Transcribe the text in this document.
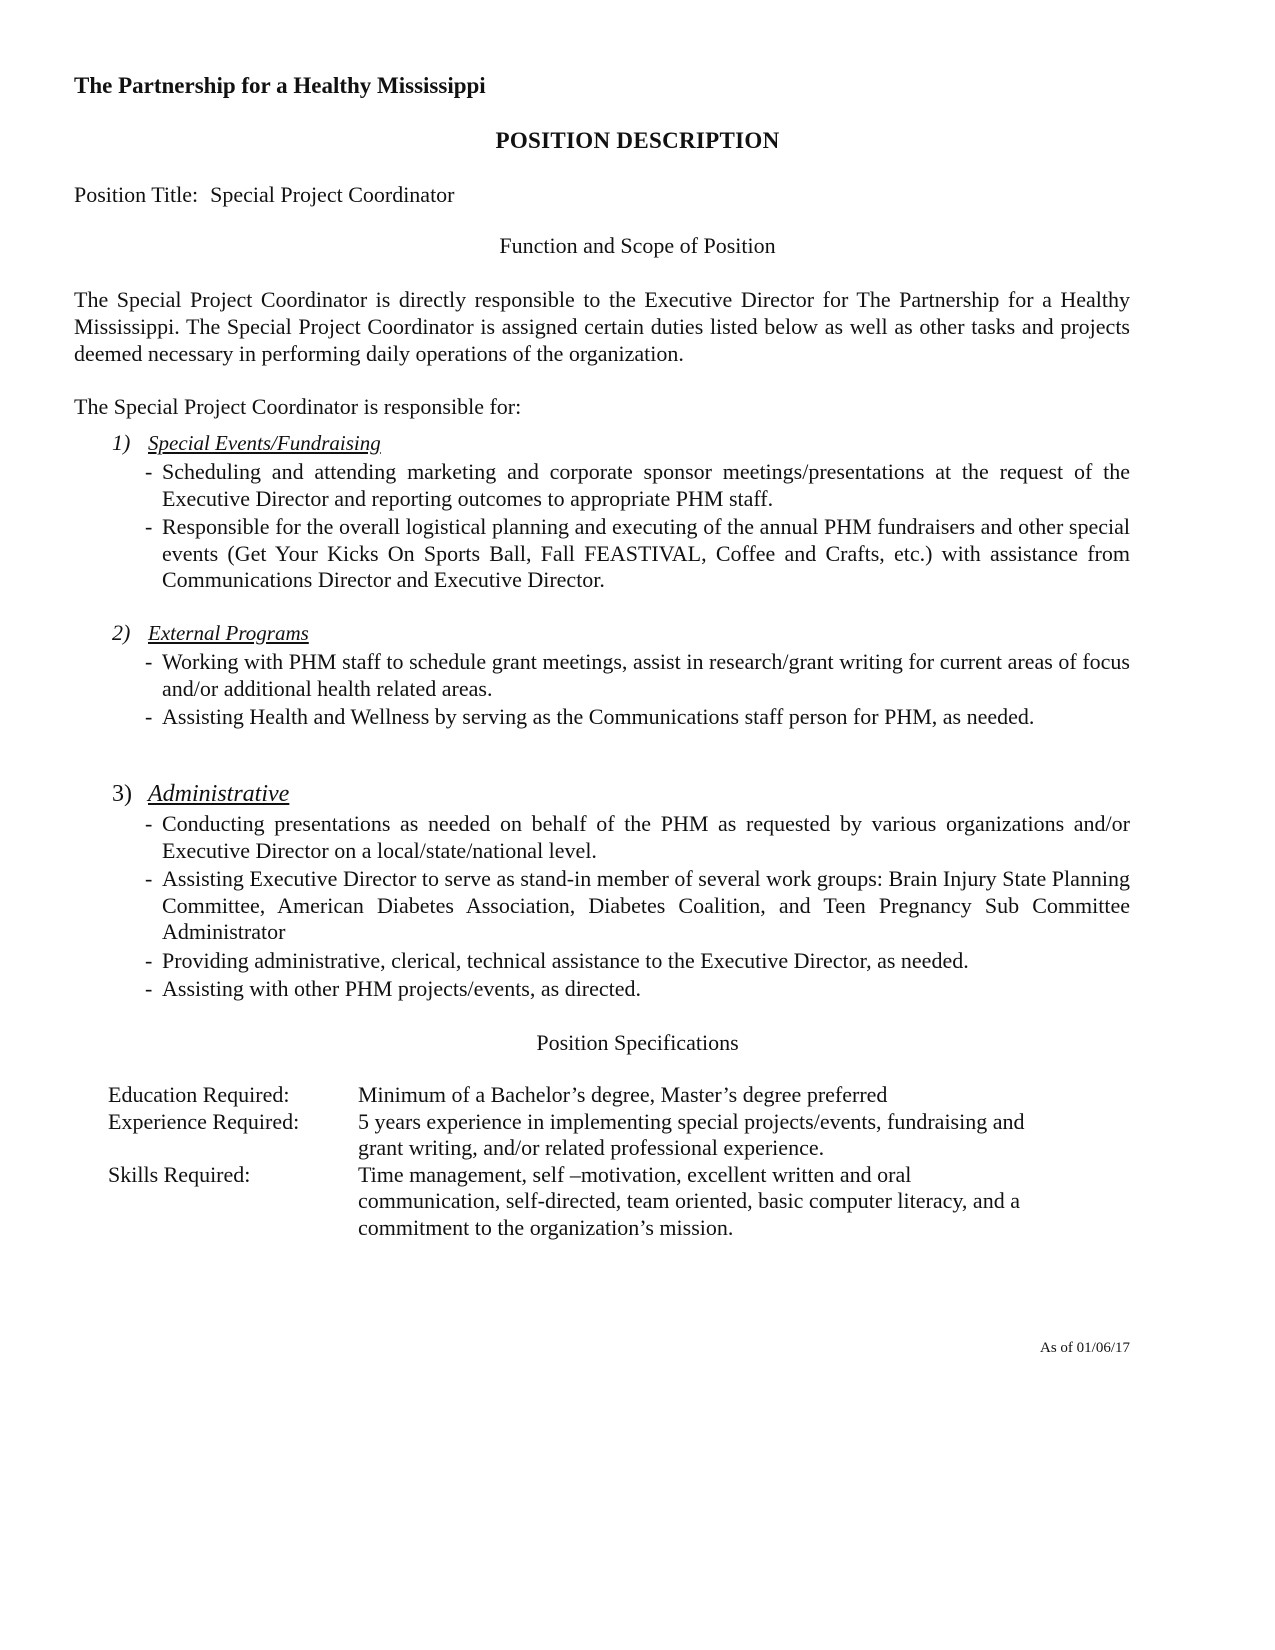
The Partnership for a Healthy Mississippi
POSITION DESCRIPTION
Position Title: Special Project Coordinator
Function and Scope of Position
The Special Project Coordinator is directly responsible to the Executive Director for The Partnership for a Healthy Mississippi. The Special Project Coordinator is assigned certain duties listed below as well as other tasks and projects deemed necessary in performing daily operations of the organization.
The Special Project Coordinator is responsible for:
1) Special Events/Fundraising
- Scheduling and attending marketing and corporate sponsor meetings/presentations at the request of the Executive Director and reporting outcomes to appropriate PHM staff.
- Responsible for the overall logistical planning and executing of the annual PHM fundraisers and other special events (Get Your Kicks On Sports Ball, Fall FEASTIVAL, Coffee and Crafts, etc.) with assistance from Communications Director and Executive Director.
2) External Programs
- Working with PHM staff to schedule grant meetings, assist in research/grant writing for current areas of focus and/or additional health related areas.
- Assisting Health and Wellness by serving as the Communications staff person for PHM, as needed.
3) Administrative
- Conducting presentations as needed on behalf of the PHM as requested by various organizations and/or Executive Director on a local/state/national level.
- Assisting Executive Director to serve as stand-in member of several work groups: Brain Injury State Planning Committee, American Diabetes Association, Diabetes Coalition, and Teen Pregnancy Sub Committee Administrator
- Providing administrative, clerical, technical assistance to the Executive Director, as needed.
- Assisting with other PHM projects/events, as directed.
Position Specifications
Education Required:	Minimum of a Bachelor’s degree, Master’s degree preferred
Experience Required:	5 years experience in implementing special projects/events, fundraising and grant writing, and/or related professional experience.
Skills Required:	Time management, self –motivation, excellent written and oral communication, self-directed, team oriented, basic computer literacy, and a commitment to the organization’s mission.
As of 01/06/17
